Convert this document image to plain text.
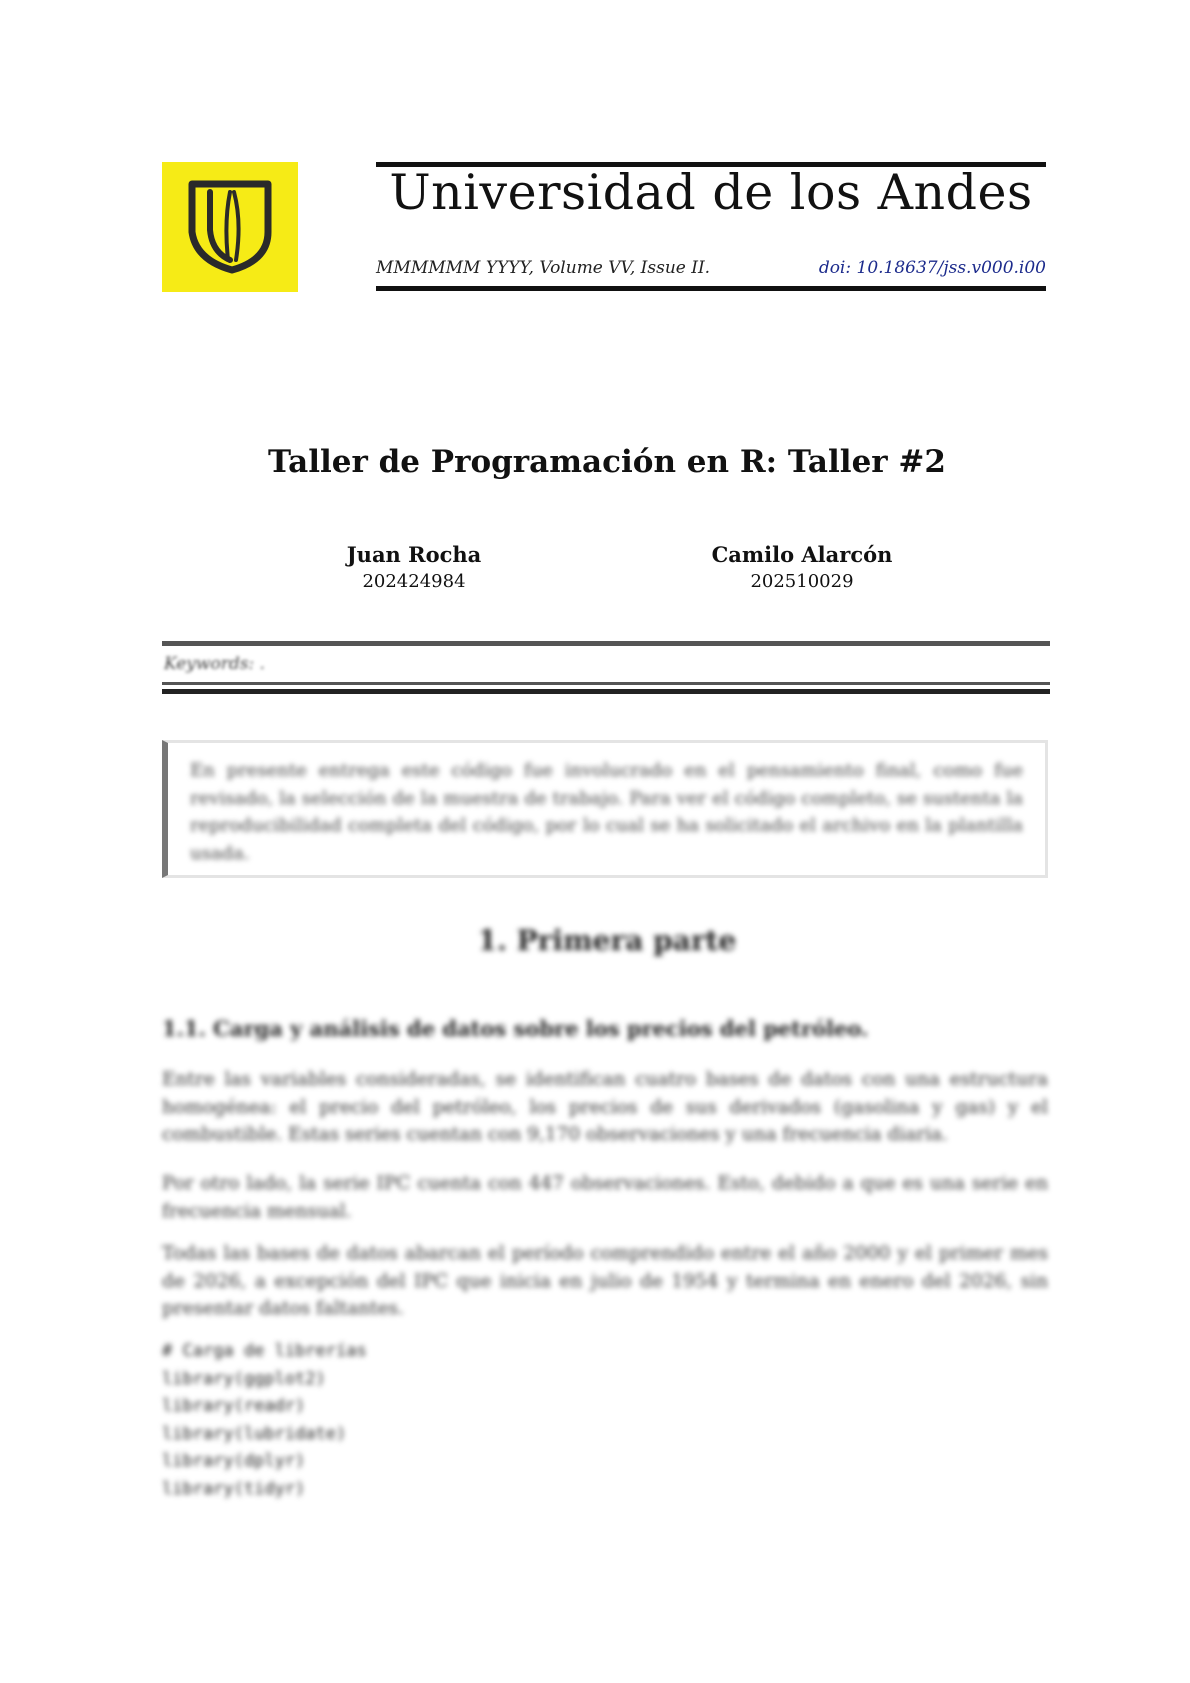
Universidad de los Andes
MMMMMM YYYY, Volume VV, Issue II.	doi: 10.18637/jss.v000.i00
Taller de Programación en R: Taller #2
Juan Rocha
202424984
Camilo Alarcón
202510029
Keywords: .
En presente entrega este código fue involucrado en el pensamiento final, como fue revisado, la selección de la muestra de trabajo. Para ver el código completo, se sustenta la reproducibilidad completa del código, por lo cual se ha solicitado el archivo en la plantilla usada.
1. Primera parte
1.1. Carga y análisis de datos sobre los precios del petróleo.

Entre las variables consideradas, se identifican cuatro bases de datos con una estructura homogénea: el precio del petróleo, los precios de sus derivados (gasolina y gas) y el combustible. Estas series cuentan con 9,170 observaciones y una frecuencia diaria.

Por otro lado, la serie IPC cuenta con 447 observaciones. Esto, debido a que es una serie en frecuencia mensual.

Todas las bases de datos abarcan el período comprendido entre el año 2000 y el primer mes de 2026, a excepción del IPC que inicia en julio de 1954 y termina en enero del 2026, sin presentar datos faltantes.

# Carga de librerías
library(ggplot2)
library(readr)
library(lubridate)
library(dplyr)
library(tidyr)
